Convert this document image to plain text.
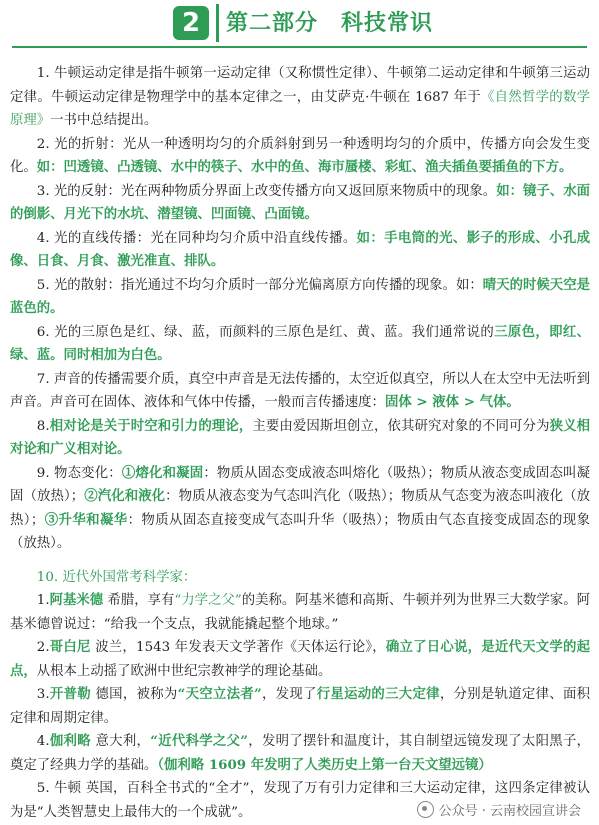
2	第二部分　科技常识

1. 牛顿运动定律是指牛顿第一运动定律（又称惯性定律）、牛顿第二运动定律和牛顿第三运动定律。牛顿运动定律是物理学中的基本定律之一，由艾萨克·牛顿在 1687 年于《自然哲学的数学原理》一书中总结提出。

2. 光的折射：光从一种透明均匀的介质斜射到另一种透明均匀的介质中，传播方向会发生变化。如：凹透镜、凸透镜、水中的筷子、水中的鱼、海市蜃楼、彩虹、渔夫插鱼要插鱼的下方。

3. 光的反射：光在两种物质分界面上改变传播方向又返回原来物质中的现象。如：镜子、水面的倒影、月光下的水坑、潜望镜、凹面镜、凸面镜。

4. 光的直线传播：光在同种均匀介质中沿直线传播。如：手电筒的光、影子的形成、小孔成像、日食、月食、激光准直、排队。

5. 光的散射：指光通过不均匀介质时一部分光偏离原方向传播的现象。如：晴天的时候天空是蓝色的。

6. 光的三原色是红、绿、蓝，而颜料的三原色是红、黄、蓝。我们通常说的三原色，即红、绿、蓝。同时相加为白色。

7. 声音的传播需要介质，真空中声音是无法传播的，太空近似真空，所以人在太空中无法听到声音。声音可在固体、液体和气体中传播，一般而言传播速度：固体 > 液体 > 气体。

8.相对论是关于时空和引力的理论，主要由爱因斯坦创立，依其研究对象的不同可分为狭义相对论和广义相对论。

9. 物态变化：①熔化和凝固：物质从固态变成液态叫熔化（吸热）；物质从液态变成固态叫凝固（放热）；②汽化和液化：物质从液态变为气态叫汽化（吸热）；物质从气态变为液态叫液化（放热）；③升华和凝华：物质从固态直接变成气态叫升华（吸热）；物质由气态直接变成固态的现象（放热）。

10. 近代外国常考科学家：

1.阿基米德 希腊，享有“力学之父”的美称。阿基米德和高斯、牛顿并列为世界三大数学家。阿基米德曾说过：“给我一个支点，我就能撬起整个地球。”

2.哥白尼 波兰，1543 年发表天文学著作《天体运行论》，确立了日心说，是近代天文学的起点，从根本上动摇了欧洲中世纪宗教神学的理论基础。

3.开普勒 德国，被称为“天空立法者”，发现了行星运动的三大定律，分别是轨道定律、面积定律和周期定律。

4.伽利略 意大利，“近代科学之父”，发明了摆针和温度计，其自制望远镜发现了太阳黑子，奠定了经典力学的基础。（伽利略 1609 年发明了人类历史上第一台天文望远镜）

5. 牛顿 英国，百科全书式的“全才”，发现了万有引力定律和三大运动定律，这四条定律被认为是“人类智慧史上最伟大的一个成就”。	公众号 · 云南校园宣讲会
